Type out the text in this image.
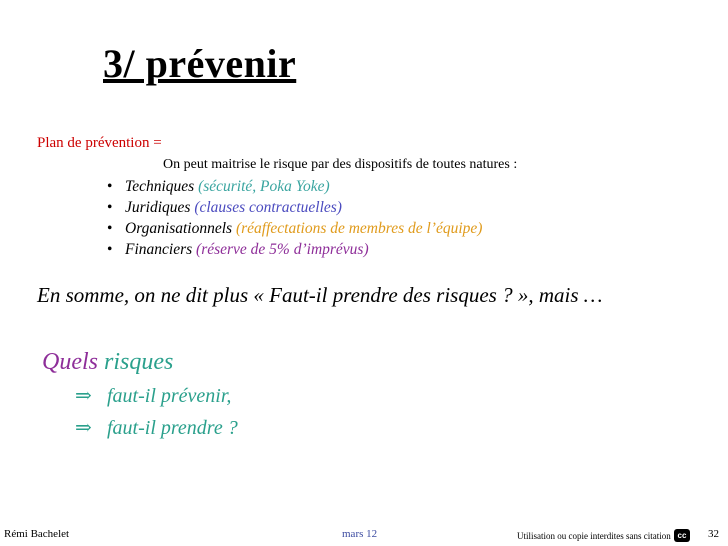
3/ prévenir
Plan de prévention =
On peut maitrise le risque par des dispositifs de toutes natures :
• Techniques (sécurité, Poka Yoke)
• Juridiques (clauses contractuelles)
• Organisationnels (réaffectations de membres de l’équipe)
• Financiers (réserve de 5% d’imprévus)
En somme, on ne dit plus « Faut-il prendre des risques ? », mais …
Quels risques
⇒ faut-il prévenir,
⇒ faut-il prendre ?
Rémi Bachelet	mars 12	Utilisation ou copie interdites sans citation cc	32
